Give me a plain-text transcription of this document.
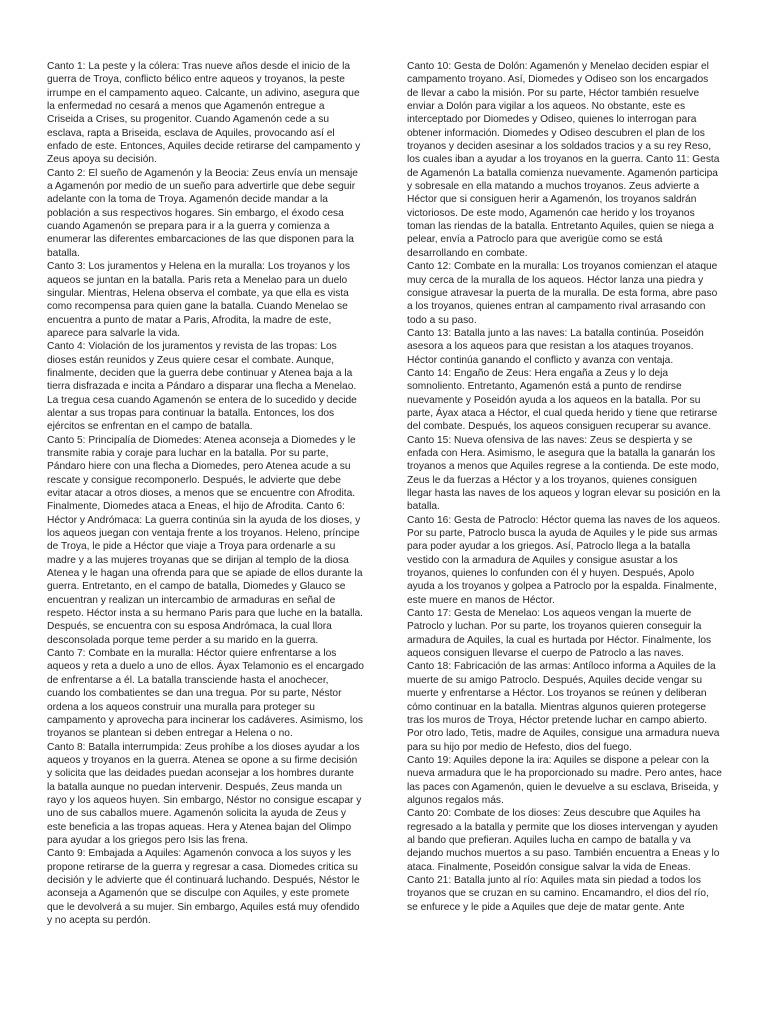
Canto 1: La peste y la cólera: Tras nueve años desde el inicio de la guerra de Troya, conflicto bélico entre aqueos y troyanos, la peste irrumpe en el campamento aqueo. Calcante, un adivino, asegura que la enfermedad no cesará a menos que Agamenón entregue a Criseida a Crises, su progenitor. Cuando Agamenón cede a su esclava, rapta a Briseida, esclava de Aquiles, provocando así el enfado de este. Entonces, Aquiles decide retirarse del campamento y Zeus apoya su decisión.

Canto 2: El sueño de Agamenón y la Beocia: Zeus envía un mensaje a Agamenón por medio de un sueño para advertirle que debe seguir adelante con la toma de Troya. Agamenón decide mandar a la población a sus respectivos hogares. Sin embargo, el éxodo cesa cuando Agamenón se prepara para ir a la guerra y comienza a enumerar las diferentes embarcaciones de las que disponen para la batalla.

Canto 3: Los juramentos y Helena en la muralla: Los troyanos y los aqueos se juntan en la batalla. Paris reta a Menelao para un duelo singular. Mientras, Helena observa el combate, ya que ella es vista como recompensa para quien gane la batalla. Cuando Menelao se encuentra a punto de matar a Paris, Afrodita, la madre de este, aparece para salvarle la vida.

Canto 4: Violación de los juramentos y revista de las tropas: Los dioses están reunidos y Zeus quiere cesar el combate. Aunque, finalmente, deciden que la guerra debe continuar y Atenea baja a la tierra disfrazada e incita a Pándaro a disparar una flecha a Menelao. La tregua cesa cuando Agamenón se entera de lo sucedido y decide alentar a sus tropas para continuar la batalla. Entonces, los dos ejércitos se enfrentan en el campo de batalla.

Canto 5: Principalía de Diomedes: Atenea aconseja a Diomedes y le transmite rabia y coraje para luchar en la batalla. Por su parte, Pándaro hiere con una flecha a Diomedes, pero Atenea acude a su rescate y consigue recomponerlo. Después, le advierte que debe evitar atacar a otros dioses, a menos que se encuentre con Afrodita. Finalmente, Diomedes ataca a Eneas, el hijo de Afrodita. Canto 6: Héctor y Andrómaca: La guerra continúa sin la ayuda de los dioses, y los aqueos juegan con ventaja frente a los troyanos. Heleno, príncipe de Troya, le pide a Héctor que viaje a Troya para ordenarle a su madre y a las mujeres troyanas que se dirijan al templo de la diosa Atenea y le hagan una ofrenda para que se apiade de ellos durante la guerra. Entretanto, en el campo de batalla, Diomedes y Glauco se encuentran y realizan un intercambio de armaduras en señal de respeto. Héctor insta a su hermano Paris para que luche en la batalla. Después, se encuentra con su esposa Andrómaca, la cual llora desconsolada porque teme perder a su marido en la guerra.

Canto 7: Combate en la muralla: Héctor quiere enfrentarse a los aqueos y reta a duelo a uno de ellos. Áyax Telamonio es el encargado de enfrentarse a él. La batalla transciende hasta el anochecer, cuando los combatientes se dan una tregua. Por su parte, Néstor ordena a los aqueos construir una muralla para proteger su campamento y aprovecha para incinerar los cadáveres. Asimismo, los troyanos se plantean si deben entregar a Helena o no.

Canto 8: Batalla interrumpida: Zeus prohíbe a los dioses ayudar a los aqueos y troyanos en la guerra. Atenea se opone a su firme decisión y solicita que las deidades puedan aconsejar a los hombres durante la batalla aunque no puedan intervenir. Después, Zeus manda un rayo y los aqueos huyen. Sin embargo, Néstor no consigue escapar y uno de sus caballos muere. Agamenón solicita la ayuda de Zeus y este beneficia a las tropas aqueas. Hera y Atenea bajan del Olimpo para ayudar a los griegos pero Isis las frena.

Canto 9: Embajada a Aquiles: Agamenón convoca a los suyos y les propone retirarse de la guerra y regresar a casa. Diomedes critica su decisión y le advierte que él continuará luchando. Después, Néstor le aconseja a Agamenón que se disculpe con Aquiles, y este promete que le devolverá a su mujer. Sin embargo, Aquiles está muy ofendido y no acepta su perdón.

Canto 10: Gesta de Dolón: Agamenón y Menelao deciden espiar el campamento troyano. Así, Diomedes y Odiseo son los encargados de llevar a cabo la misión. Por su parte, Héctor también resuelve enviar a Dolón para vigilar a los aqueos. No obstante, este es interceptado por Diomedes y Odiseo, quienes lo interrogan para obtener información. Diomedes y Odiseo descubren el plan de los troyanos y deciden asesinar a los soldados tracios y a su rey Reso, los cuales iban a ayudar a los troyanos en la guerra. Canto 11: Gesta de Agamenón La batalla comienza nuevamente. Agamenón participa y sobresale en ella matando a muchos troyanos. Zeus advierte a Héctor que si consiguen herir a Agamenón, los troyanos saldrán victoriosos. De este modo, Agamenón cae herido y los troyanos toman las riendas de la batalla. Entretanto Aquiles, quien se niega a pelear, envía a Patroclo para que averigüe como se está desarrollando en combate.

Canto 12: Combate en la muralla: Los troyanos comienzan el ataque muy cerca de la muralla de los aqueos. Héctor lanza una piedra y consigue atravesar la puerta de la muralla. De esta forma, abre paso a los troyanos, quienes entran al campamento rival arrasando con todo a su paso.

Canto 13: Batalla junto a las naves: La batalla continúa. Poseidón asesora a los aqueos para que resistan a los ataques troyanos. Héctor continúa ganando el conflicto y avanza con ventaja.

Canto 14: Engaño de Zeus: Hera engaña a Zeus y lo deja somnoliento. Entretanto, Agamenón está a punto de rendirse nuevamente y Poseidón ayuda a los aqueos en la batalla. Por su parte, Áyax ataca a Héctor, el cual queda herido y tiene que retirarse del combate. Después, los aqueos consiguen recuperar su avance.

Canto 15: Nueva ofensiva de las naves: Zeus se despierta y se enfada con Hera. Asimismo, le asegura que la batalla la ganarán los troyanos a menos que Aquiles regrese a la contienda. De este modo, Zeus le da fuerzas a Héctor y a los troyanos, quienes consiguen llegar hasta las naves de los aqueos y logran elevar su posición en la batalla.

Canto 16: Gesta de Patroclo: Héctor quema las naves de los aqueos. Por su parte, Patroclo busca la ayuda de Aquiles y le pide sus armas para poder ayudar a los griegos. Así, Patroclo llega a la batalla vestido con la armadura de Aquiles y consigue asustar a los troyanos, quienes lo confunden con él y huyen. Después, Apolo ayuda a los troyanos y golpea a Patroclo por la espalda. Finalmente, este muere en manos de Héctor.

Canto 17: Gesta de Menelao: Los aqueos vengan la muerte de Patroclo y luchan. Por su parte, los troyanos quieren conseguir la armadura de Aquiles, la cual es hurtada por Héctor. Finalmente, los aqueos consiguen llevarse el cuerpo de Patroclo a las naves.

Canto 18: Fabricación de las armas: Antíloco informa a Aquiles de la muerte de su amigo Patroclo. Después, Aquiles decide vengar su muerte y enfrentarse a Héctor. Los troyanos se reúnen y deliberan cómo continuar en la batalla. Mientras algunos quieren protegerse tras los muros de Troya, Héctor pretende luchar en campo abierto. Por otro lado, Tetis, madre de Aquiles, consigue una armadura nueva para su hijo por medio de Hefesto, dios del fuego.

Canto 19: Aquiles depone la ira: Aquiles se dispone a pelear con la nueva armadura que le ha proporcionado su madre. Pero antes, hace las paces con Agamenón, quien le devuelve a su esclava, Briseida, y algunos regalos más.

Canto 20: Combate de los dioses: Zeus descubre que Aquiles ha regresado a la batalla y permite que los dioses intervengan y ayuden al bando que prefieran. Aquiles lucha en campo de batalla y va dejando muchos muertos a su paso. También encuentra a Eneas y lo ataca. Finalmente, Poseidón consigue salvar la vida de Eneas.

Canto 21: Batalla junto al río: Aquiles mata sin piedad a todos los troyanos que se cruzan en su camino. Encamandro, el dios del río, se enfurece y le pide a Aquiles que deje de matar gente. Ante
